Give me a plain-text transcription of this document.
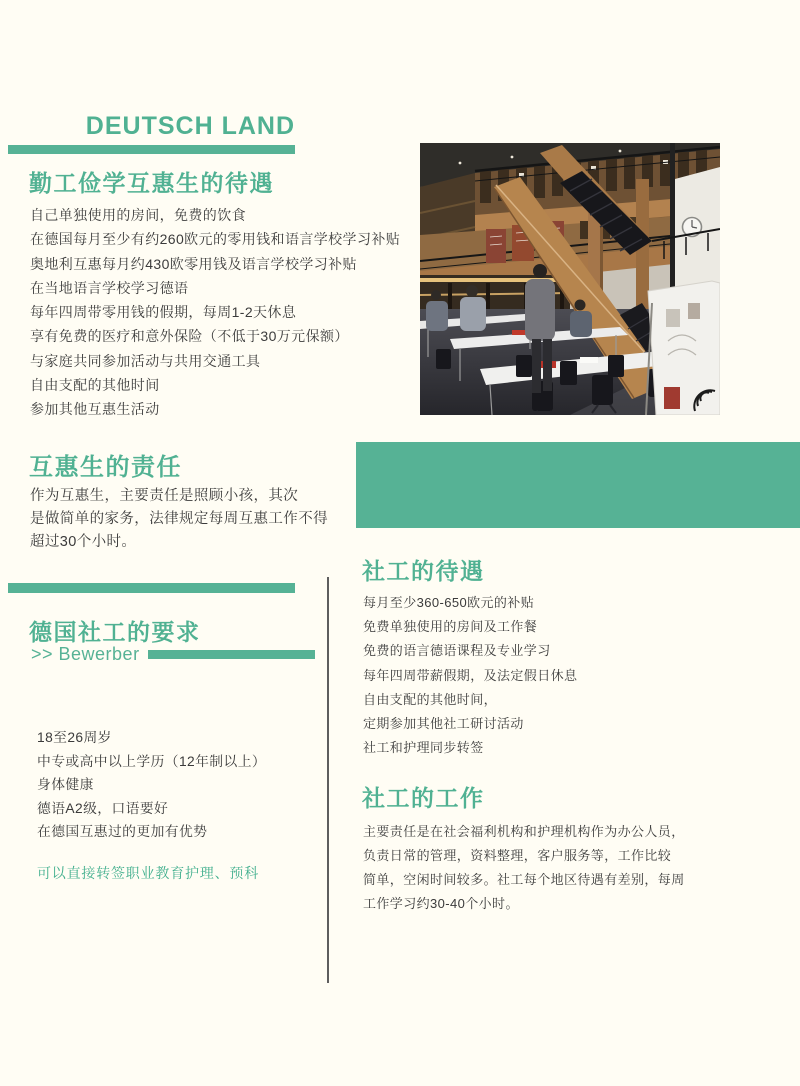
DEUTSCH LAND
勤工俭学互惠生的待遇
自己单独使用的房间，免费的饮食
在德国每月至少有约260欧元的零用钱和语言学校学习补贴
奥地利互惠每月约430欧零用钱及语言学校学习补贴
在当地语言学校学习德语
每年四周带零用钱的假期，每周1-2天休息
享有免费的医疗和意外保险（不低于30万元保额）
与家庭共同参加活动与共用交通工具
自由支配的其他时间
参加其他互惠生活动
互惠生的责任
作为互惠生，主要责任是照顾小孩，其次
是做简单的家务，法律规定每周互惠工作不得
超过30个小时。
社工的待遇
每月至少360-650欧元的补贴
免费单独使用的房间及工作餐
免费的语言德语课程及专业学习
每年四周带薪假期，及法定假日休息
自由支配的其他时间，
定期参加其他社工研讨活动
社工和护理同步转签
德国社工的要求
>> Bewerber
18至26周岁
中专或高中以上学历（12年制以上）
身体健康
德语A2级，口语要好
在德国互惠过的更加有优势
可以直接转签职业教育护理、预科
社工的工作
主要责任是在社会福利机构和护理机构作为办公人员，
负责日常的管理，资料整理，客户服务等，工作比较
简单，空闲时间较多。社工每个地区待遇有差别，每周
工作学习约30-40个小时。
